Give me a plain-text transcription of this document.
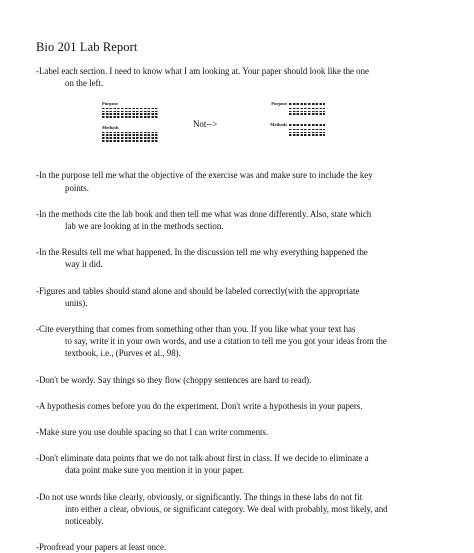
Bio 201 Lab Report
-Label each section. I need to know what I am looking at. Your paper should look like the one
on the left.
Purpose
Methods	Not-->
Purpose
Methods
-In the purpose tell me what the objective of the exercise was and make sure to include the key
points.
-In the methods cite the lab book and then tell me what was done differently. Also, state which
lab we are looking at in the methods section.
-In the Results tell me what happened. In the discussion tell me why everything happened the
way it did.
-Figures and tables should stand alone and should be labeled correctly(with the appropriate
units).
-Cite everything that comes from something other than you. If you like what your text has
to say, write it in your own words, and use a citation to tell me you got your ideas from the
textbook, i.e., (Purves et al., 98).
-Don't be wordy. Say things so they flow (choppy sentences are hard to read).
-A hypothesis comes before you do the experiment. Don't write a hypothesis in your papers.
-Make sure you use double spacing so that I can write comments.
-Don't eliminate data points that we do not talk about first in class. If we decide to eliminate a
data point make sure you mention it in your paper.
-Do not use words like clearly, obviously, or significantly. The things in these labs do not fit
into either a clear, obvious, or significant category. We deal with probably, most likely, and
noticeably.
-Proofread your papers at least once.
